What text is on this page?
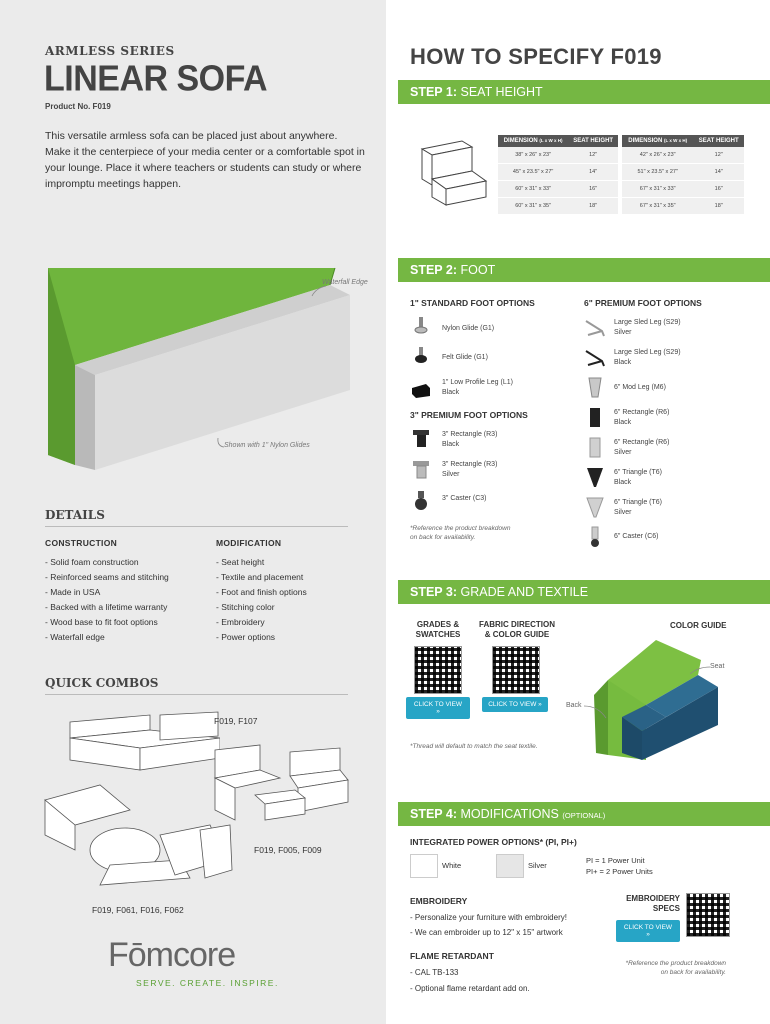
ARMLESS SERIES
LINEAR SOFA
Product No. F019
This versatile armless sofa can be placed just about anywhere. Make it the centerpiece of your media center or a comfortable spot in your lounge. Place it where teachers or students can study or where impromptu meetings happen.
Waterfall Edge
Shown with 1" Nylon Glides
DETAILS
CONSTRUCTION
- Solid foam construction
- Reinforced seams and stitching
- Made in USA
- Backed with a lifetime warranty
- Wood base to fit foot options
- Waterfall edge
MODIFICATION
- Seat height
- Textile and placement
- Foot and finish options
- Stitching color
- Embroidery
- Power options
QUICK COMBOS
F019, F107
F019, F005, F009
F019, F061, F016, F062
Fōmcore
SERVE. CREATE. INSPIRE.
HOW TO SPECIFY F019
STEP 1: SEAT HEIGHT
DIMENSION (L x W x H)	SEAT HEIGHT
38" x 26" x 23"	12"
45" x 23.5" x 27"	14"
60" x 31" x 33"	16"
60" x 31" x 35"	18"
DIMENSION (L x W x H)	SEAT HEIGHT
42" x 26" x 23"	12"
51" x 23.5" x 27"	14"
67" x 31" x 33"	16"
67" x 31" x 35"	18"
STEP 2: FOOT
1" STANDARD FOOT OPTIONS
Nylon Glide (G1)
Felt Glide (G1)
1" Low Profile Leg (L1)
Black
3" PREMIUM FOOT OPTIONS
3" Rectangle (R3)
Black
3" Rectangle (R3)
Silver
3" Caster (C3)
*Reference the product breakdown
on back for availability.
6" PREMIUM FOOT OPTIONS
Large Sled Leg (S29)
Silver
Large Sled Leg (S29)
Black
6" Mod Leg (M6)
6" Rectangle (R6)
Black
6" Rectangle (R6)
Silver
6" Triangle (T6)
Black
6" Triangle (T6)
Silver
6" Caster (C6)
STEP 3: GRADE AND TEXTILE
GRADES &
SWATCHES
CLICK TO VIEW »
FABRIC DIRECTION
& COLOR GUIDE
CLICK TO VIEW »
COLOR GUIDE
Seat
Back
*Thread will default to match the seat textile.
STEP 4: MODIFICATIONS (OPTIONAL)
INTEGRATED POWER OPTIONS* (PI, PI+)
White	Silver
PI = 1 Power Unit
PI+ = 2 Power Units
EMBROIDERY
- Personalize your furniture with embroidery!
- We can embroider up to 12" x 15" artwork
EMBROIDERY
SPECS
CLICK TO VIEW »
FLAME RETARDANT
- CAL TB-133
- Optional flame retardant add on.
*Reference the product breakdown
on back for availability.
